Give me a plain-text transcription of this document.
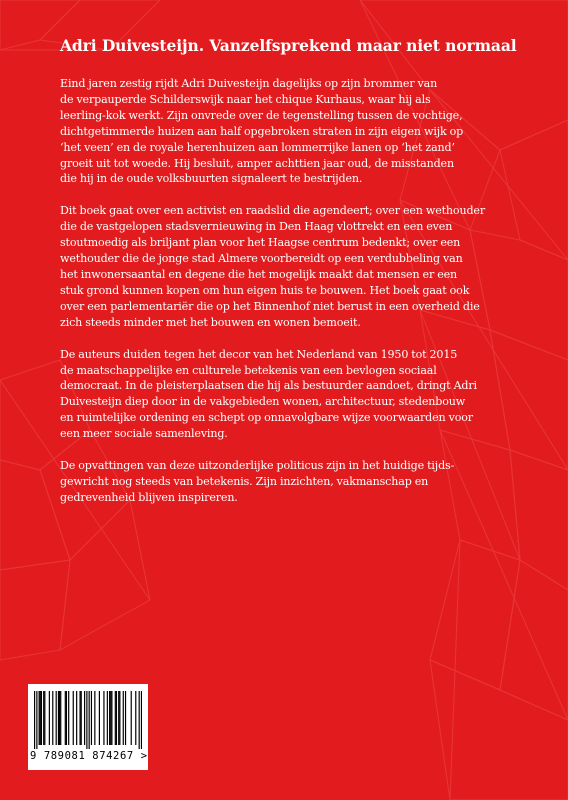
Adri Duivesteijn. Vanzelfsprekend maar niet normaal

Eind jaren zestig rijdt Adri Duivesteijn dagelijks op zijn brommer van
de verpauperde Schilderswijk naar het chique Kurhaus, waar hij als
leerling-kok werkt. Zijn onvrede over de tegenstelling tussen de vochtige,
dichtgetimmerde huizen aan half opgebroken straten in zijn eigen wijk op
‘het veen’ en de royale herenhuizen aan lommerrijke lanen op ‘het zand’
groeit uit tot woede. Hij besluit, amper achttien jaar oud, de misstanden
die hij in de oude volksbuurten signaleert te bestrijden.

Dit boek gaat over een activist en raadslid die agendeert; over een wethouder
die de vastgelopen stadsvernieuwing in Den Haag vlottrekt en een even
stoutmoedig als briljant plan voor het Haagse centrum bedenkt; over een
wethouder die de jonge stad Almere voorbereidt op een verdubbeling van
het inwonersaantal en degene die het mogelijk maakt dat mensen er een
stuk grond kunnen kopen om hun eigen huis te bouwen. Het boek gaat ook
over een parlementariër die op het Binnenhof niet berust in een overheid die
zich steeds minder met het bouwen en wonen bemoeit.

De auteurs duiden tegen het decor van het Nederland van 1950 tot 2015
de maatschappelijke en culturele betekenis van een bevlogen sociaal
democraat. In de pleisterplaatsen die hij als bestuurder aandoet, dringt Adri
Duivesteijn diep door in de vakgebieden wonen, architectuur, stedenbouw
en ruimtelijke ordening en schept op onnavolgbare wijze voorwaarden voor
een meer sociale samenleving.

De opvattingen van deze uitzonderlijke politicus zijn in het huidige tijds-
gewricht nog steeds van betekenis. Zijn inzichten, vakmanschap en
gedrevenheid blijven inspireren.

9 789081 874267 >
